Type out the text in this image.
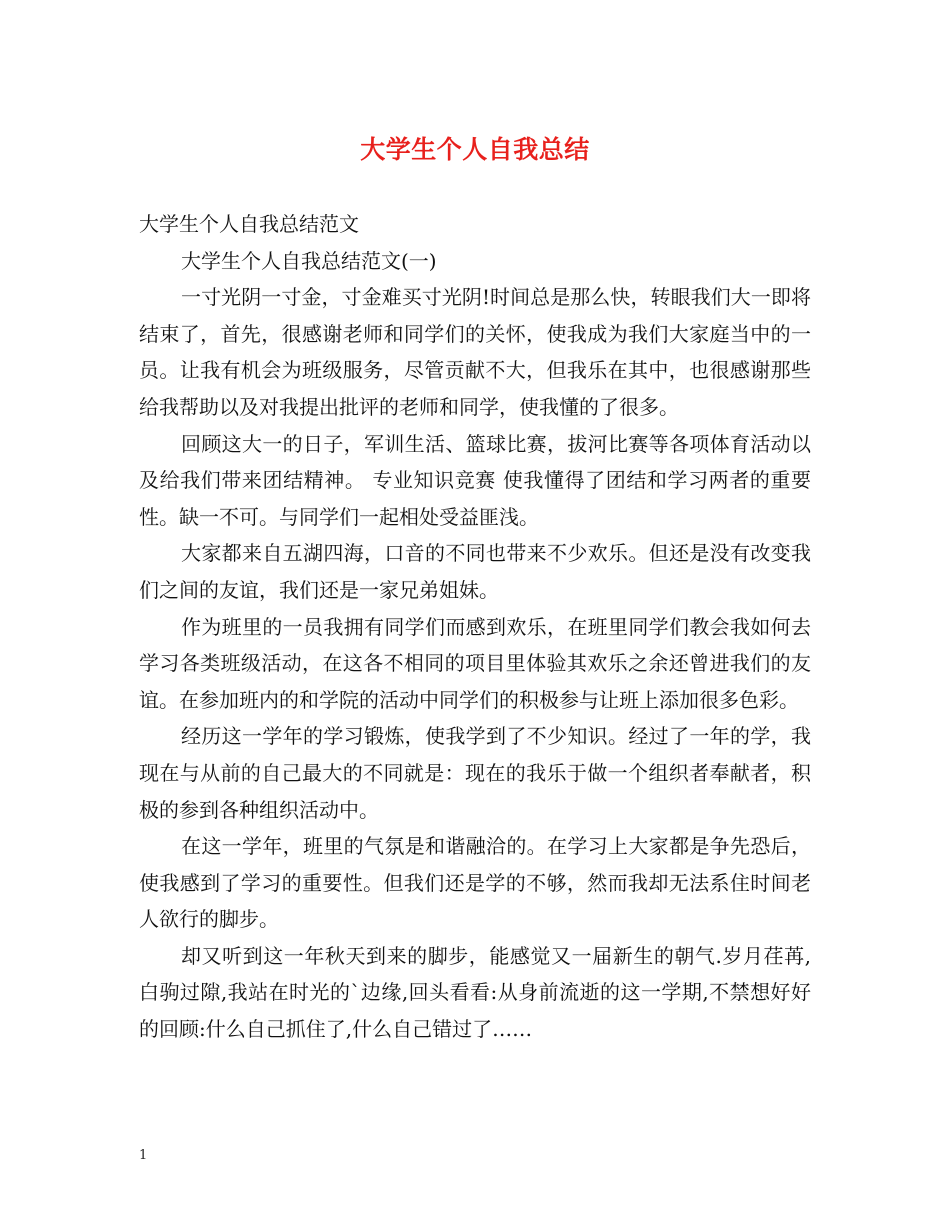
大学生个人自我总结

大学生个人自我总结范文

大学生个人自我总结范文(一)

一寸光阴一寸金，寸金难买寸光阴!时间总是那么快，转眼我们大一即将结束了，首先，很感谢老师和同学们的关怀，使我成为我们大家庭当中的一员。让我有机会为班级服务，尽管贡献不大，但我乐在其中，也很感谢那些给我帮助以及对我提出批评的老师和同学，使我懂的了很多。

回顾这大一的日子，军训生活、篮球比赛，拔河比赛等各项体育活动以及给我们带来团结精神。 专业知识竞赛 使我懂得了团结和学习两者的重要性。缺一不可。与同学们一起相处受益匪浅。

大家都来自五湖四海，口音的不同也带来不少欢乐。但还是没有改变我们之间的友谊，我们还是一家兄弟姐妹。

作为班里的一员我拥有同学们而感到欢乐，在班里同学们教会我如何去学习各类班级活动，在这各不相同的项目里体验其欢乐之余还曾进我们的友谊。在参加班内的和学院的活动中同学们的积极参与让班上添加很多色彩。

经历这一学年的学习锻炼，使我学到了不少知识。经过了一年的学，我现在与从前的自己最大的不同就是：现在的我乐于做一个组织者奉献者，积极的参到各种组织活动中。

在这一学年，班里的气氛是和谐融洽的。在学习上大家都是争先恐后，使我感到了学习的重要性。但我们还是学的不够，然而我却无法系住时间老人欲行的脚步。

却又听到这一年秋天到来的脚步，能感觉又一届新生的朝气.岁月荏苒,白驹过隙,我站在时光的`边缘,回头看看:从身前流逝的这一学期,不禁想好好的回顾:什么自己抓住了,什么自己错过了……

1
